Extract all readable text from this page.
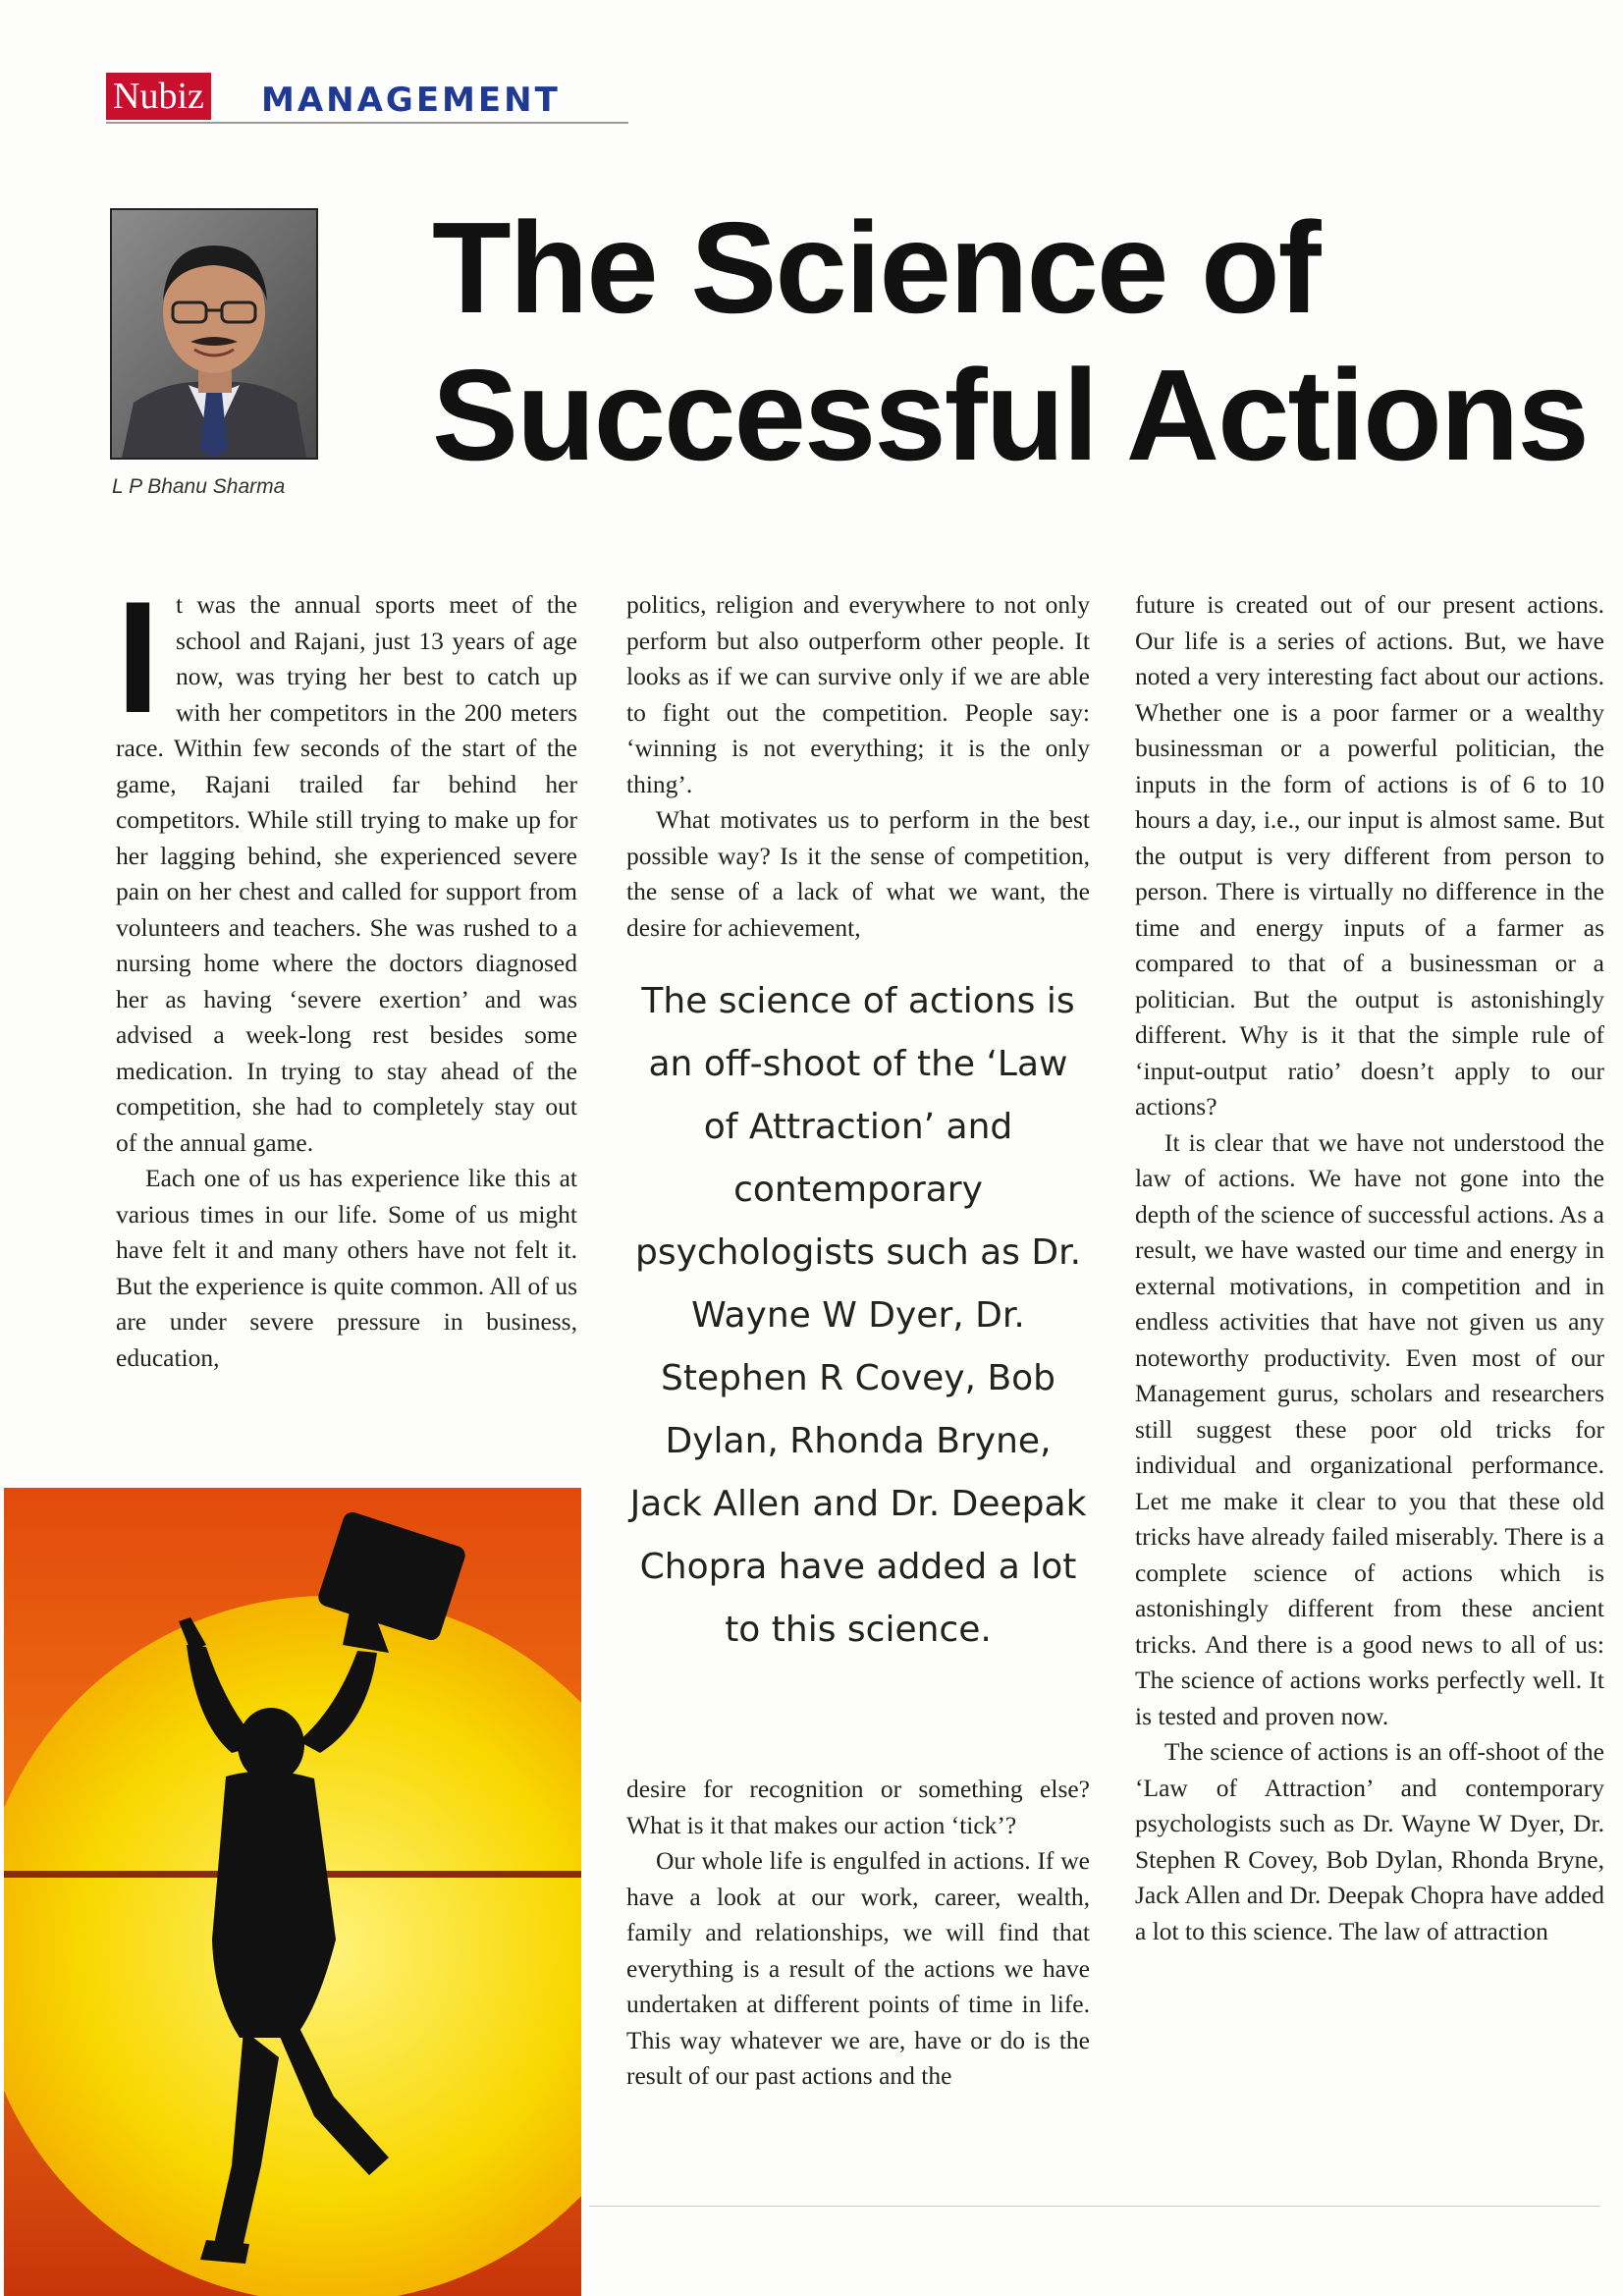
Nubiz MANAGEMENT
L P Bhanu Sharma
The Science of
Successful Actions

It was the annual sports meet of the school and Rajani, just 13 years of age now, was trying her best to catch up with her competitors in the 200 meters race. Within few seconds of the start of the game, Rajani trailed far behind her competitors. While still trying to make up for her lagging behind, she experienced severe pain on her chest and called for support from volunteers and teachers. She was rushed to a nursing home where the doctors diagnosed her as having ‘severe exertion’ and was advised a week-long rest besides some medication. In trying to stay ahead of the competition, she had to completely stay out of the annual game.

Each one of us has experience like this at various times in our life. Some of us might have felt it and many others have not felt it. But the experience is quite common. All of us are under severe pressure in business, education,

politics, religion and everywhere to not only perform but also outperform other people. It looks as if we can survive only if we are able to fight out the competition. People say: ‘winning is not everything; it is the only thing’.

What motivates us to perform in the best possible way? Is it the sense of competition, the sense of a lack of what we want, the desire for achievement,

The science of actions is an off-shoot of the ‘Law of Attraction’ and contemporary psychologists such as Dr. Wayne W Dyer, Dr. Stephen R Covey, Bob Dylan, Rhonda Bryne, Jack Allen and Dr. Deepak Chopra have added a lot to this science.

desire for recognition or something else? What is it that makes our action ‘tick’?

Our whole life is engulfed in actions. If we have a look at our work, career, wealth, family and relationships, we will find that everything is a result of the actions we have undertaken at different points of time in life. This way whatever we are, have or do is the result of our past actions and the

future is created out of our present actions. Our life is a series of actions. But, we have noted a very interesting fact about our actions. Whether one is a poor farmer or a wealthy businessman or a powerful politician, the inputs in the form of actions is of 6 to 10 hours a day, i.e., our input is almost same. But the output is very different from person to person. There is virtually no difference in the time and energy inputs of a farmer as compared to that of a businessman or a politician. But the output is astonishingly different. Why is it that the simple rule of ‘input-output ratio’ doesn’t apply to our actions?

It is clear that we have not understood the law of actions. We have not gone into the depth of the science of successful actions. As a result, we have wasted our time and energy in external motivations, in competition and in endless activities that have not given us any noteworthy productivity. Even most of our Management gurus, scholars and researchers still suggest these poor old tricks for individual and organizational performance. Let me make it clear to you that these old tricks have already failed miserably. There is a complete science of actions which is astonishingly different from these ancient tricks. And there is a good news to all of us: The science of actions works perfectly well. It is tested and proven now.

The science of actions is an off-shoot of the ‘Law of Attraction’ and contemporary psychologists such as Dr. Wayne W Dyer, Dr. Stephen R Covey, Bob Dylan, Rhonda Bryne, Jack Allen and Dr. Deepak Chopra have added a lot to this science. The law of attraction
